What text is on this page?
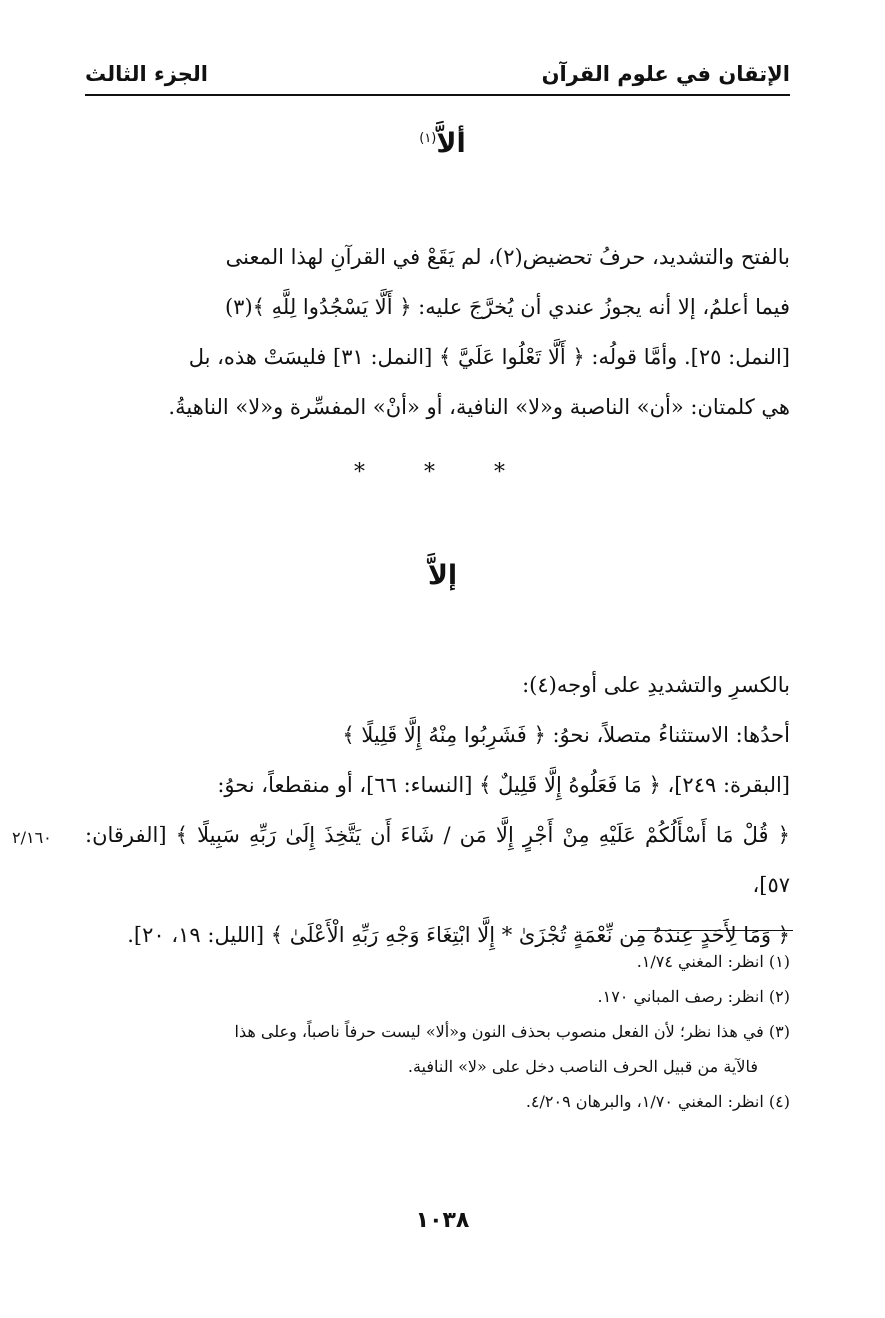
الإتقان في علوم القرآن
الجزء الثالث
ألاَّ$^{(١)}$

بالفتح والتشديد، حرفُ تحضيض(٢)، لم يَقَعْ في القرآنِ لهذا المعنى

فيما أعلمُ، إلا أنه يجوزُ عندي أن يُخرَّجَ عليه: ﴿ أَلَّا يَسْجُدُوا لِلَّهِ ﴾(٣)

[النمل: ٢٥]. وأمَّا قولُه: ﴿ أَلَّا تَعْلُوا عَلَيَّ ﴾ [النمل: ٣١] فليسَتْ هذه، بل

هي كلمتان: «أن» الناصبة و«لا» النافية، أو «أنْ» المفسِّرة و«لا» الناهيةُ.

* * *
إلاَّ

بالكسرِ والتشديدِ على أوجه(٤):

أحدُها: الاستثناءُ متصلاً، نحوُ: ﴿ فَشَرِبُوا مِنْهُ إِلَّا قَلِيلًا ﴾

[البقرة: ٢٤٩]، ﴿ مَا فَعَلُوهُ إِلَّا قَلِيلٌ ﴾ [النساء: ٦٦]، أو منقطعاً، نحوُ:

﴿ قُلْ مَا أَسْأَلُكُمْ عَلَيْهِ مِنْ أَجْرٍ إِلَّا مَن / شَاءَ أَن يَتَّخِذَ إِلَىٰ رَبِّهِ سَبِيلًا ﴾ [الفرقان: ٥٧]،

﴿ وَمَا لِأَحَدٍ عِندَهُ مِن نِّعْمَةٍ تُجْزَىٰ * إِلَّا ابْتِغَاءَ وَجْهِ رَبِّهِ الْأَعْلَىٰ ﴾ [الليل: ١٩، ٢٠].

٢/١٦٠

(١) انظر: المغني ١/٧٤.

(٢) انظر: رصف المباني ١٧٠.

(٣) في هذا نظر؛ لأن الفعل منصوب بحذف النون و«ألا» ليست حرفاً ناصباً، وعلى هذا

فالآية من قبيل الحرف الناصب دخل على «لا» النافية.

(٤) انظر: المغني ١/٧٠، والبرهان ٤/٢٠٩.

١٠٣٨
